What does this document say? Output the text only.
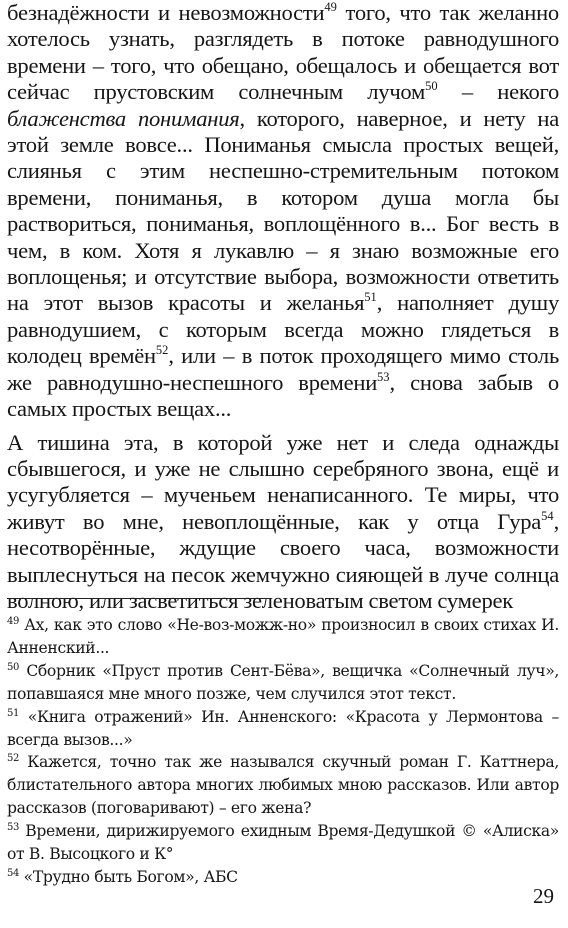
безнадёжности и невозможности$^{49}$ того, что так желанно хотелось узнать, разглядеть в потоке равнодушного времени – того, что обещано, обещалось и обещается вот сейчас прустовским солнечным лучом$^{50}$ – некого блаженства понимания, которого, наверное, и нету на этой земле вовсе... Пониманья смысла простых вещей, слиянья с этим неспешно-стремительным потоком времени, пониманья, в котором душа могла бы раствориться, пониманья, воплощённого в... Бог весть в чем, в ком. Хотя я лукавлю – я знаю возможные его воплощенья; и отсутствие выбора, возможности ответить на этот вызов красоты и желанья$^{51}$, наполняет душу равнодушием, с которым всегда можно глядеться в колодец времён$^{52}$, или – в поток проходящего мимо столь же равнодушно-неспешного времени$^{53}$, снова забыв о самых простых вещах...

А тишина эта, в которой уже нет и следа однажды сбывшегося, и уже не слышно серебряного звона, ещё и усугубляется – мученьем ненаписанного. Те миры, что живут во мне, невоплощённые, как у отца Гура$^{54}$, несотворённые, ждущие своего часа, возможности выплеснуться на песок жемчужно сияющей в луче солнца волною, или засветиться зеленоватым светом сумерек

$^{49}$ Ах, как это слово «Не-воз-можж-но» произносил в своих стихах И. Анненский...

$^{50}$ Сборник «Пруст против Сент-Бёва», вещичка «Солнечный луч», попавшаяся мне много позже, чем случился этот текст.

$^{51}$ «Книга отражений» Ин. Анненского: «Красота у Лермонтова – всегда вызов...»

$^{52}$ Кажется, точно так же назывался скучный роман Г. Каттнера, блистательного автора многих любимых мною рассказов. Или автор рассказов (поговаривают) – его жена?

$^{53}$ Времени, дирижируемого ехидным Время-Дедушкой © «Алиска» от В. Высоцкого и К°

$^{54}$ «Трудно быть Богом», АБС

29
